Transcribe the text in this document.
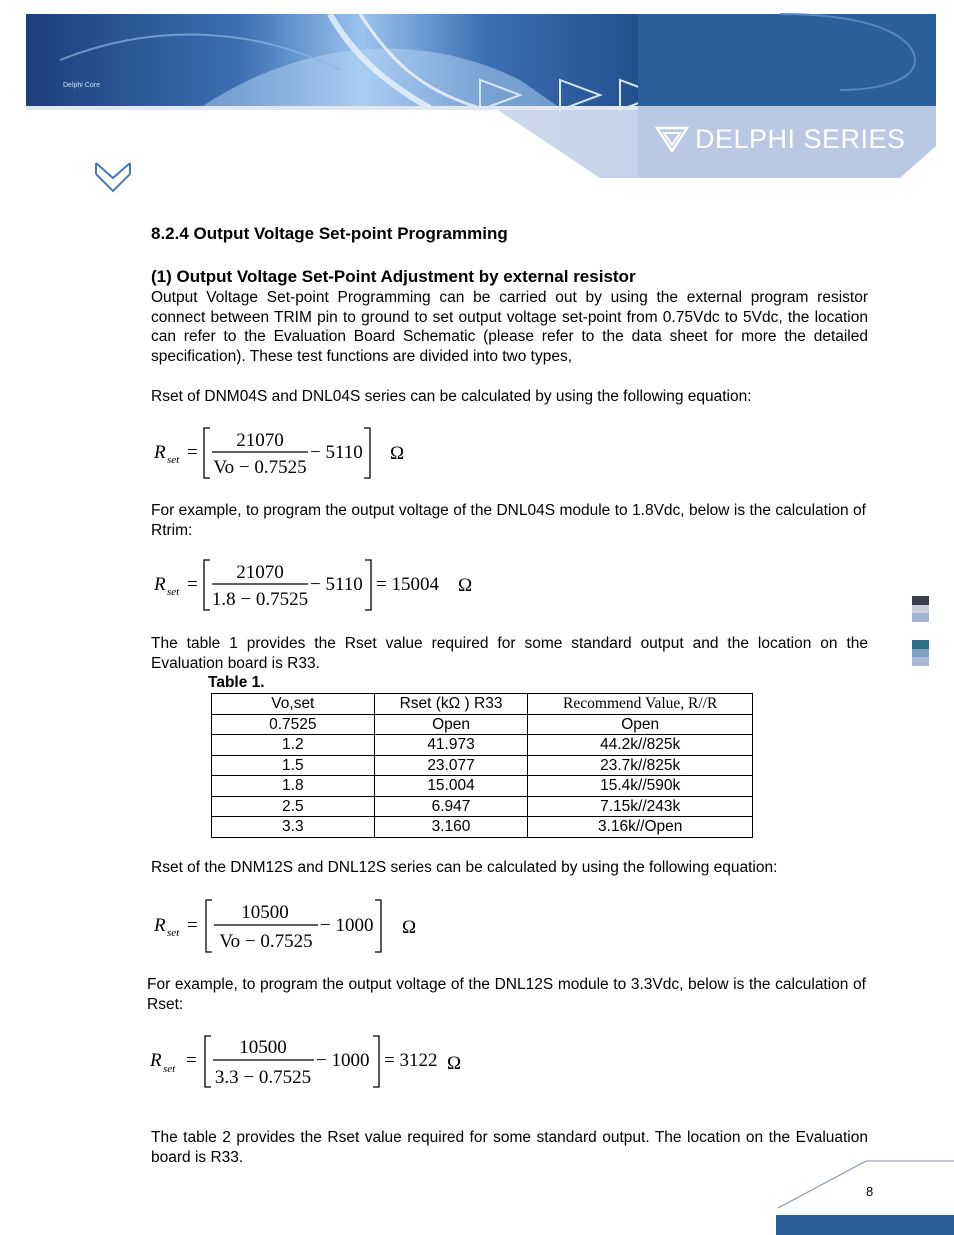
Delphi Core
DELPHI SERIES
8.2.4 Output Voltage Set-point Programming
(1) Output Voltage Set-Point Adjustment by external resistor

Output Voltage Set-point Programming can be carried out by using the external program resistor connect between TRIM pin to ground to set output voltage set-point from 0.75Vdc to 5Vdc, the location can refer to the Evaluation Board Schematic (please refer to the data sheet for more the detailed specification). These test functions are divided into two types,

Rset of DNM04S and DNL04S series can be calculated by using the following equation:

R set =
21070
Vo − 0.7525
− 5110 Ω

For example, to program the output voltage of the DNL04S module to 1.8Vdc, below is the calculation of Rtrim:

R set =
21070
1.8 − 0.7525
− 5110 = 15004 Ω

The table 1 provides the Rset value required for some standard output and the location on the Evaluation board is R33.

Table 1.
Vo,set	Rset (kΩ ) R33	Recommend Value, R//R
0.7525	Open	Open
1.2	41.973	44.2k//825k
1.5	23.077	23.7k//825k
1.8	15.004	15.4k//590k
2.5	6.947	7.15k//243k
3.3	3.160	3.16k//Open

Rset of the DNM12S and DNL12S series can be calculated by using the following equation:

R set =
10500
Vo − 0.7525
− 1000 Ω

For example, to program the output voltage of the DNL12S module to 3.3Vdc, below is the calculation of Rset:

R set =
10500
3.3 − 0.7525
− 1000 = 3122 Ω

The table 2 provides the Rset value required for some standard output. The location on the Evaluation board is R33.

8
